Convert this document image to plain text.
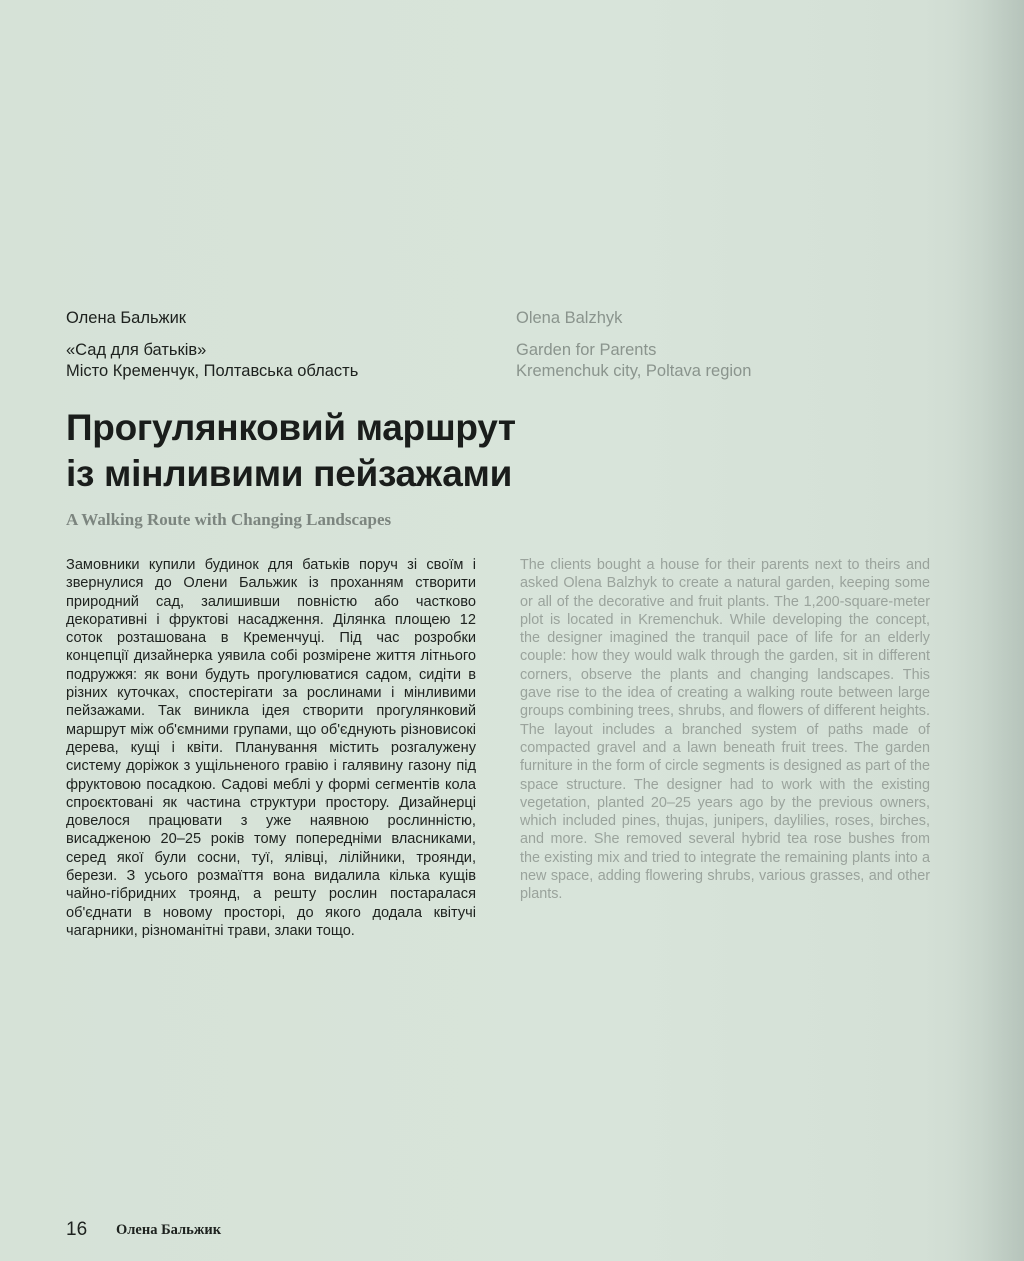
Олена Бальжик	Olena Balzhyk
«Сад для батьків»
Місто Кременчук, Полтавська область
Garden for Parents
Kremenchuk city, Poltava region
Прогулянковий маршрут
із мінливими пейзажами
A Walking Route with Changing Landscapes

Замовники купили будинок для батьків поруч зі своїм і звернулися до Олени Бальжик із проханням створити природний сад, залишивши повністю або частково декоративні і фруктові насадження. Ділянка площею 12 соток розташована в Кременчуці. Під час розробки концепції дизайнерка уявила собі розмірене життя літнього подружжя: як вони будуть прогулюватися садом, сидіти в різних куточках, спостерігати за рослинами і мінливими пейзажами. Так виникла ідея створити прогулянковий маршрут між об'ємними групами, що об'єднують різновисокі дерева, кущі і квіти. Планування містить розгалужену систему доріжок з ущільненого гравію і галявину газону під фруктовою посадкою. Садові меблі у формі сегментів кола спроєктовані як частина структури простору. Дизайнерці довелося працювати з уже наявною рослинністю, висадженою 20–25 років тому попередніми власниками, серед якої були сосни, туї, ялівці, лілійники, троянди, берези. З усього розмаїття вона видалила кілька кущів чайно-гібридних троянд, а решту рослин постаралася об'єднати в новому просторі, до якого додала квітучі чагарники, різноманітні трави, злаки тощо.

The clients bought a house for their parents next to theirs and asked Olena Balzhyk to create a natural garden, keeping some or all of the decorative and fruit plants. The 1,200-square-meter plot is located in Kremenchuk. While developing the concept, the designer imagined the tranquil pace of life for an elderly couple: how they would walk through the garden, sit in different corners, observe the plants and changing landscapes. This gave rise to the idea of creating a walking route between large groups combining trees, shrubs, and flowers of different heights. The layout includes a branched system of paths made of compacted gravel and a lawn beneath fruit trees. The garden furniture in the form of circle segments is designed as part of the space structure. The designer had to work with the existing vegetation, planted 20–25 years ago by the previous owners, which included pines, thujas, junipers, daylilies, roses, birches, and more. She removed several hybrid tea rose bushes from the existing mix and tried to integrate the remaining plants into a new space, adding flowering shrubs, various grasses, and other plants.

16 Олена Бальжик
